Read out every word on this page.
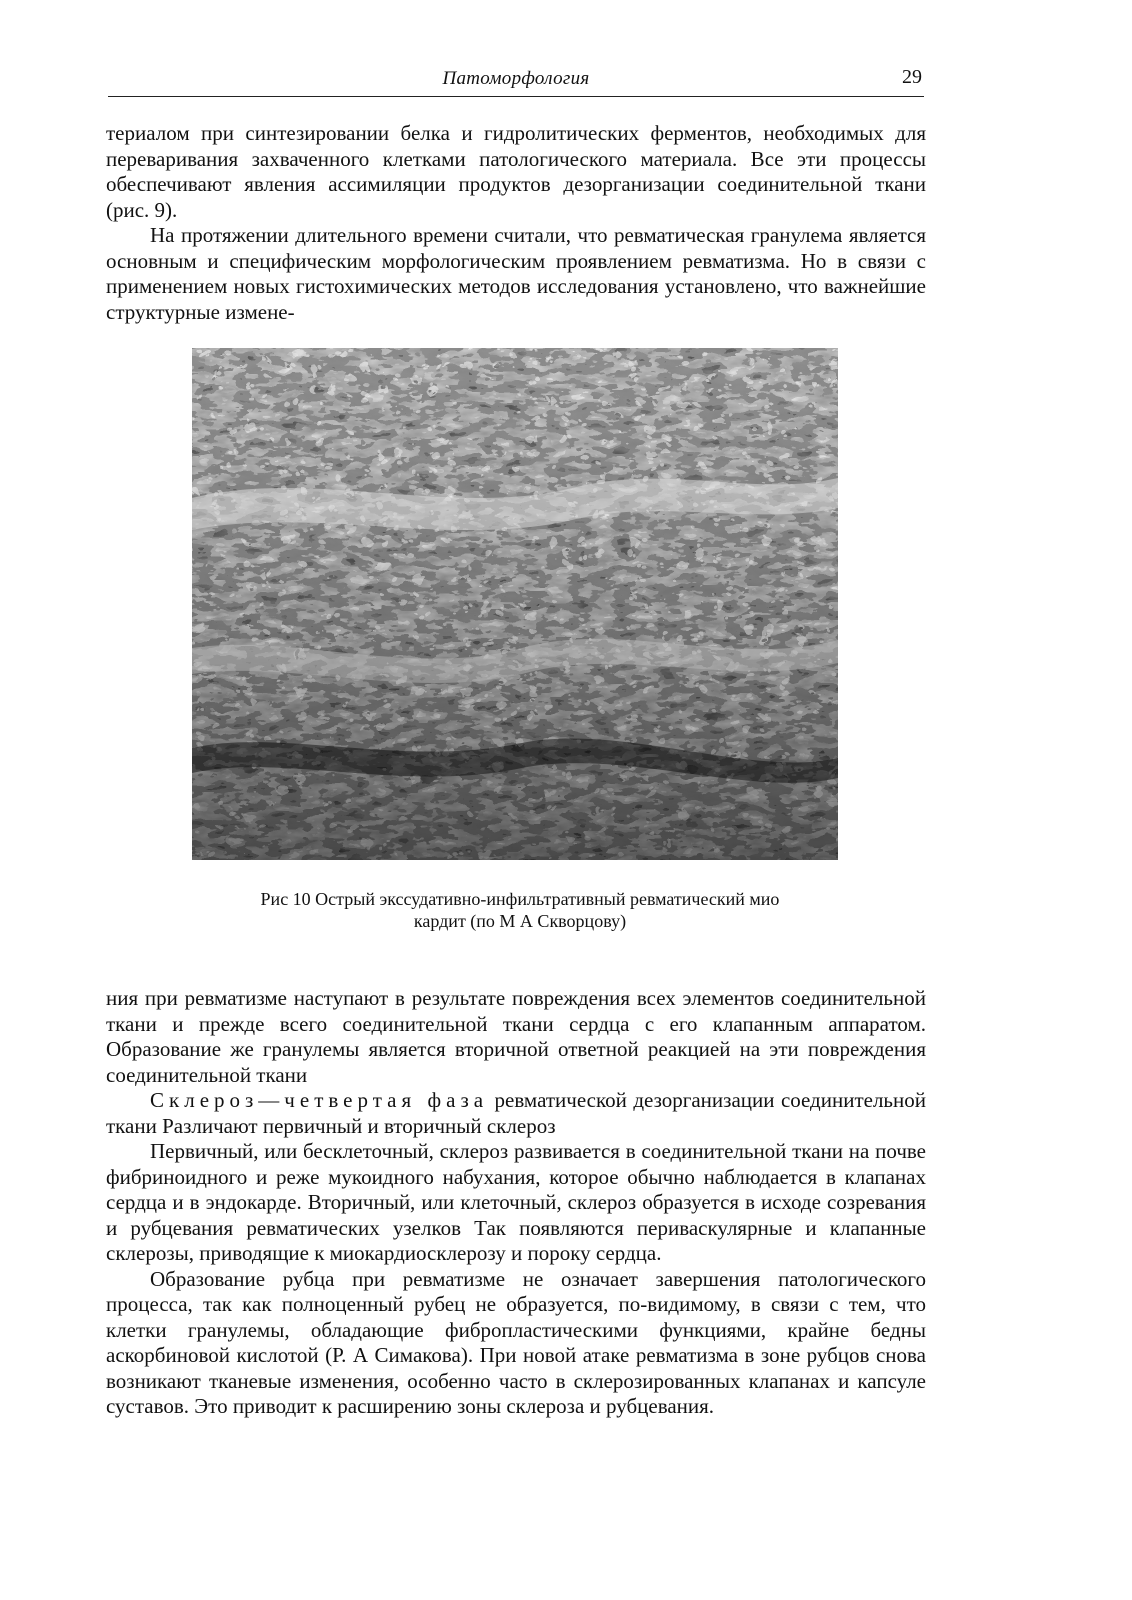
Патоморфология	29

териалом при синтезировании белка и гидролитических ферментов, необходимых для переваривания захваченного клетками патологического материала. Все эти процессы обеспечивают явления ассимиляции продуктов дезорганизации соединительной ткани (рис. 9).

На протяжении длительного времени считали, что ревматическая гранулема является основным и специфическим морфологическим проявлением ревматизма. Но в связи с применением новых гистохимических методов исследования установлено, что важнейшие структурные измене-

Рис 10 Острый экссудативно-инфильтративный ревматический мио
кардит (по М А Скворцову)

ния при ревматизме наступают в результате повреждения всех элементов соединительной ткани и прежде всего соединительной ткани сердца с его клапанным аппаратом. Образование же гранулемы является вторичной ответной реакцией на эти повреждения соединительной ткани

Склероз—четвертая фаза ревматической дезорганизации соединительной ткани Различают первичный и вторичный склероз

Первичный, или бесклеточный, склероз развивается в соединительной ткани на почве фибриноидного и реже мукоидного набухания, которое обычно наблюдается в клапанах сердца и в эндокарде. Вторичный, или клеточный, склероз образуется в исходе созревания и рубцевания ревматических узелков Так появляются периваскулярные и клапанные склерозы, приводящие к миокардиосклерозу и пороку сердца.

Образование рубца при ревматизме не означает завершения патологического процесса, так как полноценный рубец не образуется, по-видимому, в связи с тем, что клетки гранулемы, обладающие фибропластическими функциями, крайне бедны аскорбиновой кислотой (Р. А Симакова). При новой атаке ревматизма в зоне рубцов снова возникают тканевые изменения, особенно часто в склерозированных клапанах и капсуле суставов. Это приводит к расширению зоны склероза и рубцевания.
